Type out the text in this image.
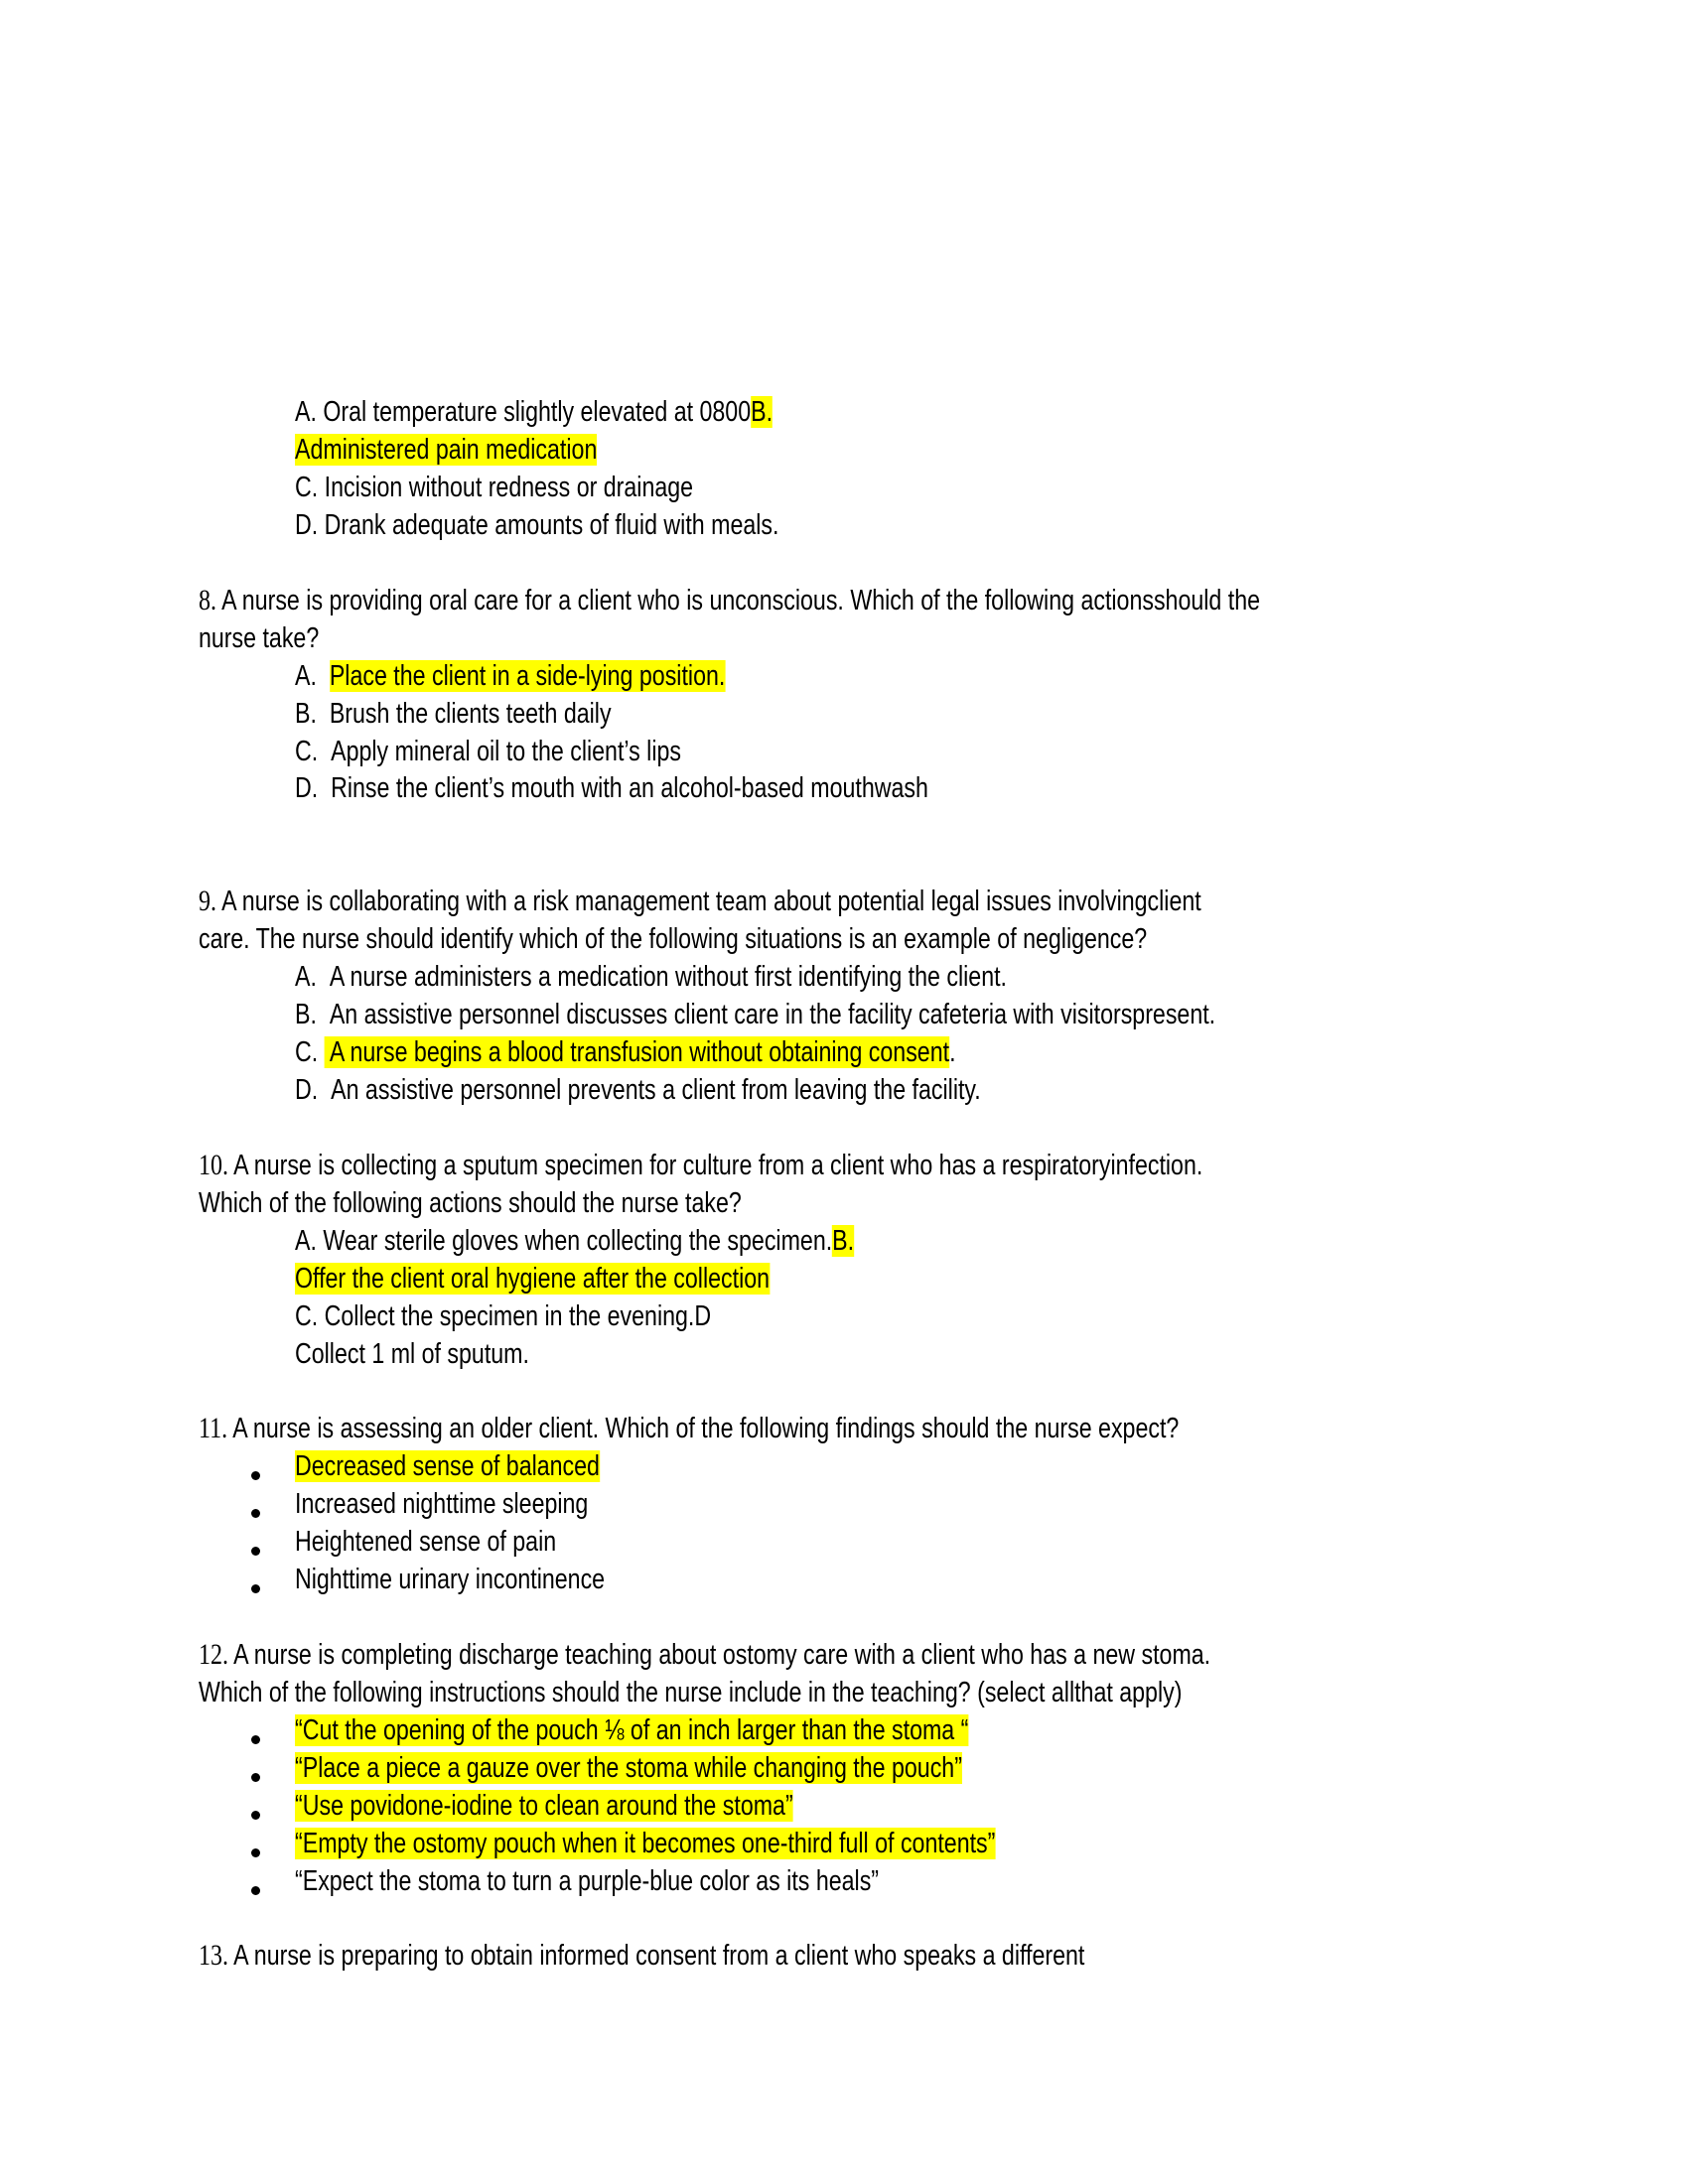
A. Oral temperature slightly elevated at 0800B.
Administered pain medication
C. Incision without redness or drainage
D. Drank adequate amounts of fluid with meals.
8. A nurse is providing oral care for a client who is unconscious. Which of the following actionsshould the
nurse take?
A. Place the client in a side-lying position.
B. Brush the clients teeth daily
C. Apply mineral oil to the client’s lips
D. Rinse the client’s mouth with an alcohol-based mouthwash
9. A nurse is collaborating with a risk management team about potential legal issues involvingclient
care. The nurse should identify which of the following situations is an example of negligence?
A. A nurse administers a medication without first identifying the client.
B. An assistive personnel discusses client care in the facility cafeteria with visitorspresent.
C.  A nurse begins a blood transfusion without obtaining consent.
D. An assistive personnel prevents a client from leaving the facility.
10. A nurse is collecting a sputum specimen for culture from a client who has a respiratoryinfection.
Which of the following actions should the nurse take?
A. Wear sterile gloves when collecting the specimen.B.
Offer the client oral hygiene after the collection
C. Collect the specimen in the evening.D
Collect 1 ml of sputum.
11. A nurse is assessing an older client. Which of the following findings should the nurse expect?
Decreased sense of balanced
Increased nighttime sleeping
Heightened sense of pain
Nighttime urinary incontinence
12. A nurse is completing discharge teaching about ostomy care with a client who has a new stoma.
Which of the following instructions should the nurse include in the teaching? (select allthat apply)
“Cut the opening of the pouch ⅛ of an inch larger than the stoma “
“Place a piece a gauze over the stoma while changing the pouch”
“Use povidone-iodine to clean around the stoma”
“Empty the ostomy pouch when it becomes one-third full of contents”
“Expect the stoma to turn a purple-blue color as its heals”
13. A nurse is preparing to obtain informed consent from a client who speaks a different
